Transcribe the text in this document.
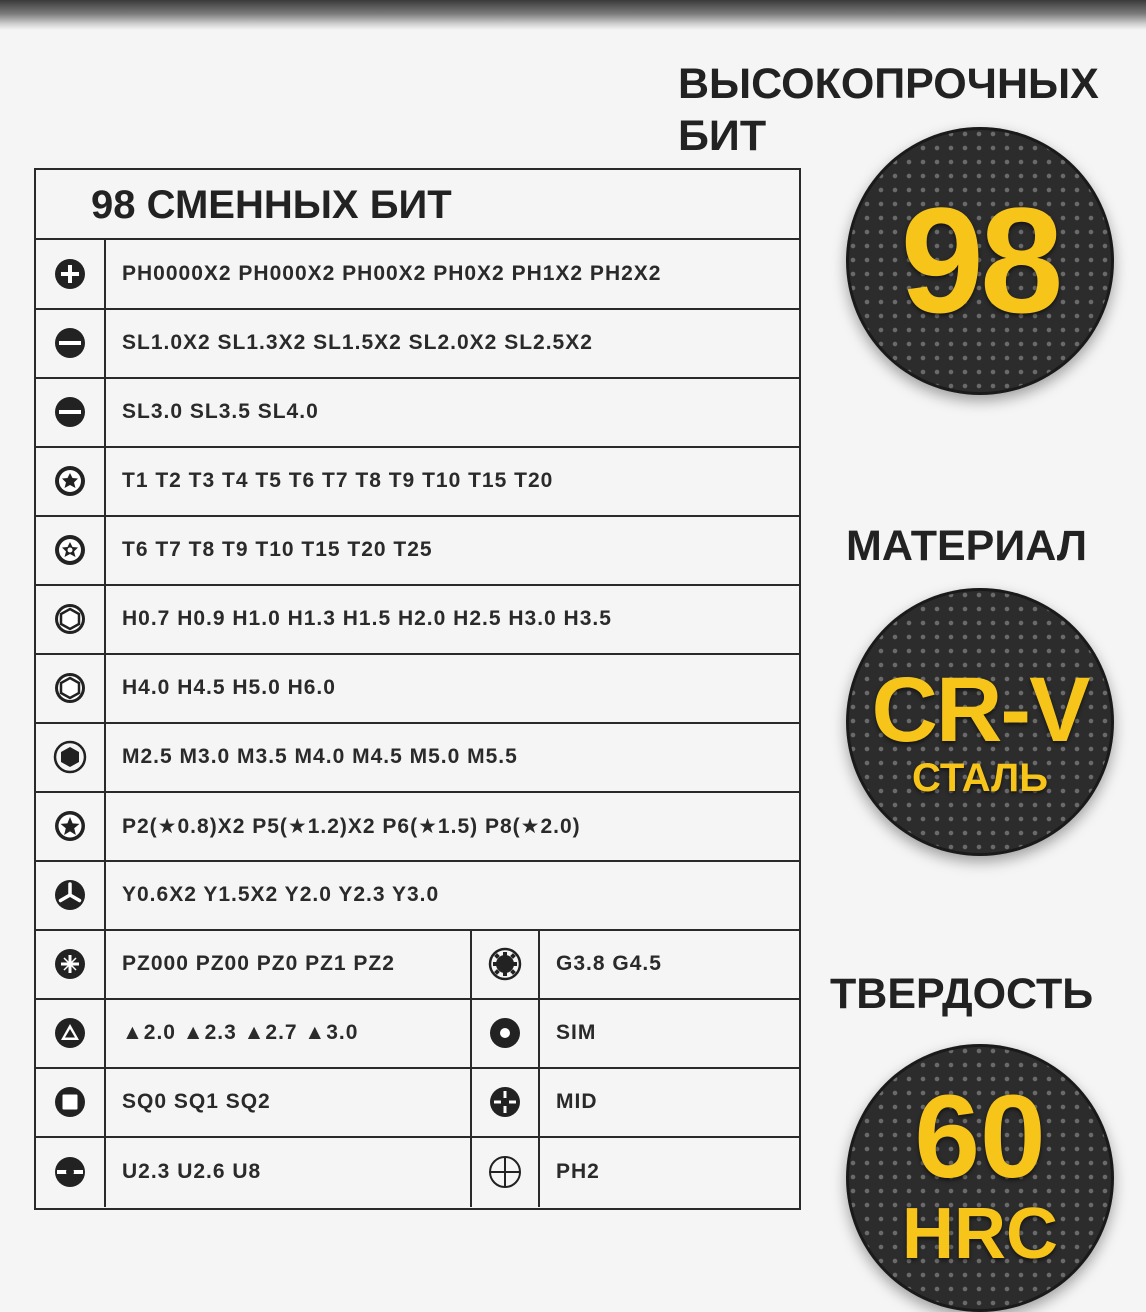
98 СМЕННЫХ БИТ
PH0000X2 PH000X2 PH00X2 PH0X2 PH1X2 PH2X2
SL1.0X2 SL1.3X2 SL1.5X2 SL2.0X2 SL2.5X2
SL3.0 SL3.5 SL4.0
T1 T2 T3 T4 T5 T6 T7 T8 T9 T10 T15 T20
T6 T7 T8 T9 T10 T15 T20 T25
H0.7 H0.9 H1.0 H1.3 H1.5 H2.0 H2.5 H3.0 H3.5
H4.0 H4.5 H5.0 H6.0
M2.5 M3.0 M3.5 M4.0 M4.5 M5.0 M5.5
P2(★0.8)X2 P5(★1.2)X2 P6(★1.5) P8(★2.0)
Y0.6X2 Y1.5X2 Y2.0 Y2.3 Y3.0
PZ000 PZ00 PZ0 PZ1 PZ2	G3.8 G4.5
▲2.0 ▲2.3 ▲2.7 ▲3.0	SIM
SQ0 SQ1 SQ2	MID
U2.3 U2.6 U8	PH2
ВЫСОКОПРОЧНЫХ
БИТ
98
МАТЕРИАЛ
CR-V
СТАЛЬ
ТВЕРДОСТЬ
60
HRC
